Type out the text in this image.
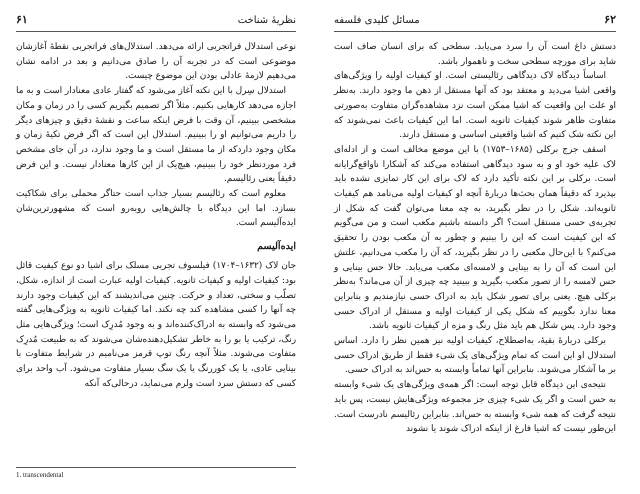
۶۱	نظریهٔ شناخت

نوعی استدلال فراتجربی ارائه می‌دهد. استدلال‌های فراتجربی نقطهٔ آغازشان موضوعی است که در تجربه آن را صادق می‌دانیم و بعد در ادامه نشان می‌دهیم لازمهٔ عادلی بودن این موضوع چیست.

استدلال سِرل با این نکته آغاز می‌شود که گفتار عادی معنادار است و به ما اجازه می‌دهد کارهایی بکنیم. مثلاً اگر تصمیم بگیریم کسی را در زمان و مکان مشخصی ببینیم، آن وقت با فرض اینکه ساعت و نقشهٔ دقیق و چیزهای دیگر را داریم می‌توانیم او را ببینیم. استدلال این است که اگر فرض تکیهٔ زمان و مکان وجود داردکه از ما مستقل است و ما وجود ندارد، در آن جای مشخص فرد موردنظر خود را ببینیم، هیچ‌یک از این کارها معنادار نیست. و این فرض دقیقاً یعنی رئالیسم.

معلوم است که رئالیسم بسیار جذاب است حتاگر محملی برای شکاکیت بسازد. اما این دیدگاه با چالش‌هایی روبه‌رو است که مشهورترین‌شان ایده‌آلیسم است.

ایده‌آلیسم

جان لاک (۱۶۳۲–۱۷۰۴) فیلسوف تجربی مسلک برای اشیا دو نوع کیفیت قائل بود: کیفیات اولیه و کیفیات ثانویه. کیفیات اولیه عبارت است از اندازه، شکل، تصلّب و سختی، تعداد و حرکت. چنین می‌اندیشند که این کیفیات وجود دارند چه آنها را کسی مشاهده کند چه نکند. اما کیفیات ثانویه به ویژگی‌هایی گفته می‌شود که وابسته به ادراک‌کننده‌اند و به وجود مُدرِک است؛ ویژگی‌هایی مثل رنگ، ترکیب یا بو را به خاطر تشکیل‌دهنده‌شان می‌شوند که به طبیعت مُدرِک متفاوت می‌شوند. مثلاً آنچه رنگ توپ قرمز می‌نامیم در شرایط متفاوت با بینایی عادی، یا یک کوررنگ یا یک سگ بسیار متفاوت می‌شود. آب واحد برای کسی که دستش سرد است ولرم می‌نماید، درحالی‌که آنکه

1. transcendental
مسائل کلیدی فلسفه	۶۲

دستش داغ است آن را سرد می‌یابد. سطحی که برای انسان صاف است شاید برای مورچه سطحی سخت و ناهموار باشد.

اساساً دیدگاه لاک دیدگاهی رئالیستی است. او کیفیات اولیه را ویژگی‌های واقعی اشیا می‌دید و معتقد بود که آنها مستقل از ذهن ما وجود دارند. به‌نظر او علت این واقعیت که اشیا ممکن است نزد مشاهده‌گران متفاوت به‌صورتی متفاوت ظاهر شوند کیفیات ثانویه است. اما این کیفیات باعث نمی‌شوند که این نکته شک کنیم که اشیا واقعیتی اساسی و مستقل دارند.

اسقف جرج برکلی (۱۶۸۵–۱۷۵۳) با این موضع مخالف است و از ادله‌ای لاک علیه خود او و به سود دیدگاهی استفاده می‌کند که آشکارا ناواقع‌گرایانه است. برکلی بر این نکته تأکید دارد که لاک برای این کار تمایزی نشده باید بپذیرد که دقیقاً همان بحث‌ها دربارهٔ آنچه او کیفیات اولیه می‌نامد هم کیفیات ثانویه‌اند. شکل را در نظر بگیرید، به چه معنا می‌توان گفت که شکل از تجربه‌ی حسی مستقل است؟ اگر دانسته باشیم مکعب است و من می‌گویم که این کیفیت است که این را بینیم و چطور به آن مکعب بودن را تحقیق می‌کنم؟ با این‌حال مکعبی را در نظر بگیرید، که آن را مکعب می‌دانیم، علتش این است که آن را به بینایی و لامسه‌ای مکعب می‌یابد. حالا حس بینایی و حس لامسه را از تصور مکعب بگیرید و ببینید چه چیزی از آن می‌ماند؟ به‌نظر برکلی هیچ. یعنی برای تصور شکل باید به ادراک حسی نیازمندیم و بنابراین معنا ندارد بگوییم که شکل یکی از کیفیات اولیه و مستقل از ادراک حسی وجود دارد. پس شکل هم باید مثل رنگ و مزه از کیفیات ثانویه باشد.

برکلی دربارهٔ بقیهٔ، به‌اصطلاح، کیفیات اولیه نیز همین نظر را دارد. اساس استدلال او این است که تمام ویژگی‌های یک شیء فقط از طریق ادراک حسی بر ما آشکار می‌شوند. بنابراین آنها تماماً وابسته به حس‌اند به ادراک حسی.

نتیجه‌ی این دیدگاه قابل توجه است: اگر همه‌ی ویژگی‌های یک شیء وابسته به حس است و اگر یک شیء چیزی جز مجموعه ویژگی‌هایش نیست، پس باید نتیجه گرفت که همه شیء وابسته به حس‌اند. بنابراین رئالیسم نادرست است. این‌طور نیست که اشیا فارغ از اینکه ادراک شوند یا نشوند
